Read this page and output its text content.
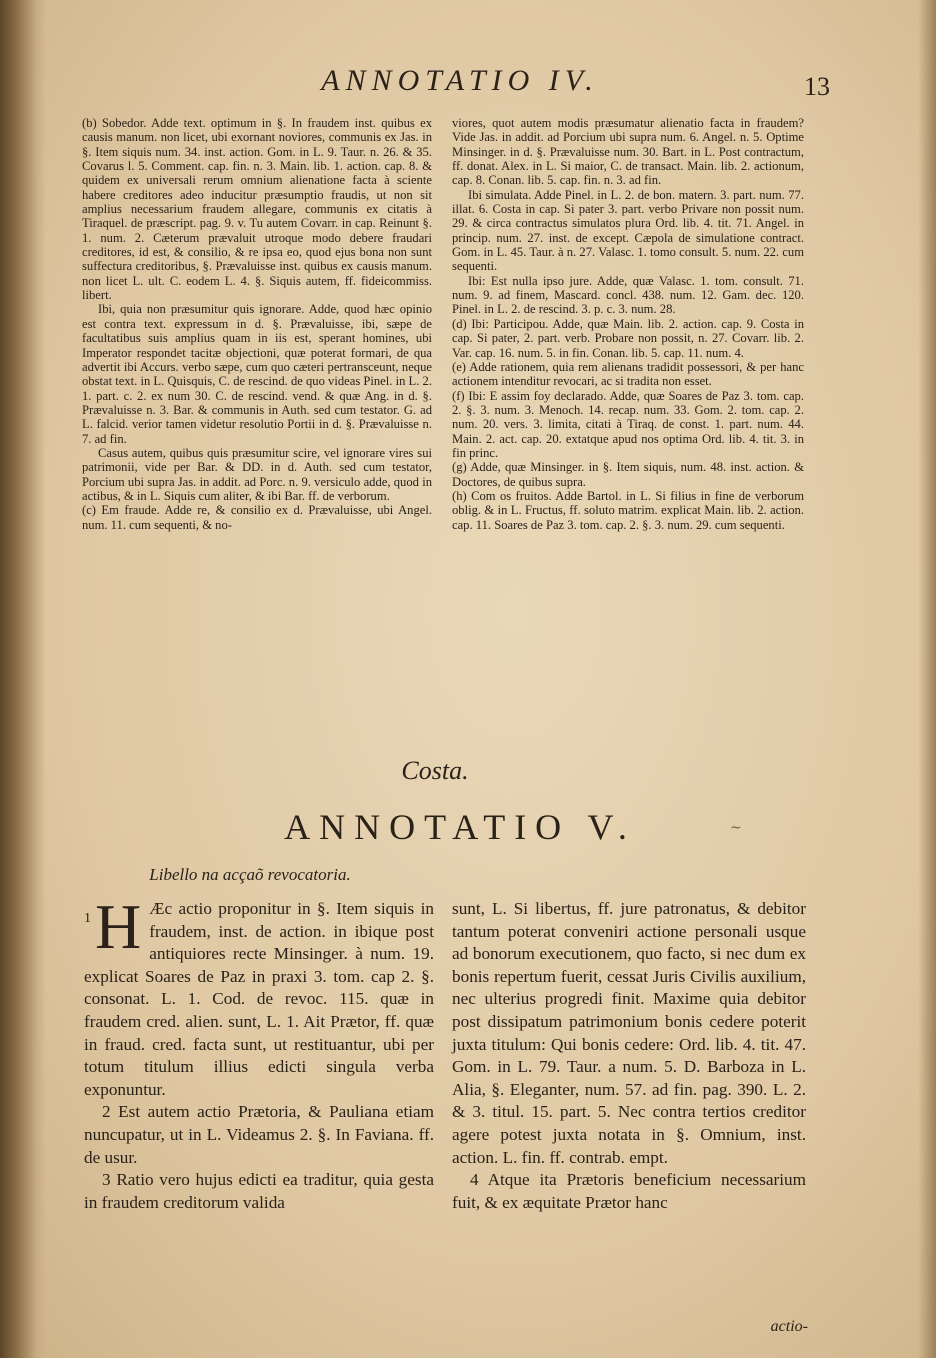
ANNOTATIO IV.	13

(b) Sobedor. Adde text. optimum in §. In fraudem inst. quibus ex causis manum. non licet, ubi exornant noviores, communis ex Jas. in §. Item siquis num. 34. inst. action. Gom. in L. 9. Taur. n. 26. & 35. Covarus l. 5. Comment. cap. fin. n. 3. Main. lib. 1. action. cap. 8. & quidem ex universali rerum omnium alienatione facta à sciente habere creditores adeo inducitur præsumptio fraudis, ut non sit amplius necessarium fraudem allegare, communis ex citatis à Tiraquel. de præscript. pag. 9. v. Tu autem Covarr. in cap. Reinunt §. 1. num. 2. Cæterum prævaluit utroque modo debere fraudari creditores, id est, & consilio, & re ipsa eo, quod ejus bona non sunt suffectura creditoribus, §. Prævaluisse inst. quibus ex causis manum. non licet L. ult. C. eodem L. 4. §. Siquis autem, ff. fideicommiss. libert.

Ibi, quia non præsumitur quis ignorare. Adde, quod hæc opinio est contra text. expressum in d. §. Prævaluisse, ibi, sæpe de facultatibus suis amplius quam in iis est, sperant homines, ubi Imperator respondet tacitæ objectioni, quæ poterat formari, de qua advertit ibi Accurs. verbo sæpe, cum quo cæteri pertransceunt, neque obstat text. in L. Quisquis, C. de rescind. de quo videas Pinel. in L. 2. 1. part. c. 2. ex num 30. C. de rescind. vend. & quæ Ang. in d. §. Prævaluisse n. 3. Bar. & communis in Auth. sed cum testator. G. ad L. falcid. verior tamen videtur resolutio Portii in d. §. Prævaluisse n. 7. ad fin.

Casus autem, quibus quis præsumitur scire, vel ignorare vires sui patrimonii, vide per Bar. & DD. in d. Auth. sed cum testator, Porcium ubi supra Jas. in addit. ad Porc. n. 9. versiculo adde, quod in actibus, & in L. Siquis cum aliter, & ibi Bar. ff. de verborum.

(c) Em fraude. Adde re, & consilio ex d. Prævaluisse, ubi Angel. num. 11. cum sequenti, & no-

viores, quot autem modis præsumatur alienatio facta in fraudem? Vide Jas. in addit. ad Porcium ubi supra num. 6. Angel. n. 5. Optime Minsinger. in d. §. Prævaluisse num. 30. Bart. in L. Post contractum, ff. donat. Alex. in L. Si maior, C. de transact. Main. lib. 2. actionum, cap. 8. Conan. lib. 5. cap. fin. n. 3. ad fin.

Ibi simulata. Adde Pinel. in L. 2. de bon. matern. 3. part. num. 77. illat. 6. Costa in cap. Si pater 3. part. verbo Privare non possit num. 29. & circa contractus simulatos plura Ord. lib. 4. tit. 71. Angel. in princip. num. 27. inst. de except. Cæpola de simulatione contract. Gom. in L. 45. Taur. à n. 27. Valasc. 1. tomo consult. 5. num. 22. cum sequenti.

Ibi: Est nulla ipso jure. Adde, quæ Valasc. 1. tom. consult. 71. num. 9. ad finem, Mascard. concl. 438. num. 12. Gam. dec. 120. Pinel. in L. 2. de rescind. 3. p. c. 3. num. 28.

(d) Ibi: Participou. Adde, quæ Main. lib. 2. action. cap. 9. Costa in cap. Si pater, 2. part. verb. Probare non possit, n. 27. Covarr. lib. 2. Var. cap. 16. num. 5. in fin. Conan. lib. 5. cap. 11. num. 4.

(e) Adde rationem, quia rem alienans tradidit possessori, & per hanc actionem intenditur revocari, ac si tradita non esset.

(f) Ibi: E assim foy declarado. Adde, quæ Soares de Paz 3. tom. cap. 2. §. 3. num. 3. Menoch. 14. recap. num. 33. Gom. 2. tom. cap. 2. num. 20. vers. 3. limita, citati à Tiraq. de const. 1. part. num. 44. Main. 2. act. cap. 20. extatque apud nos optima Ord. lib. 4. tit. 3. in fin princ.

(g) Adde, quæ Minsinger. in §. Item siquis, num. 48. inst. action. & Doctores, de quibus supra.

(h) Com os fruitos. Adde Bartol. in L. Si filius in fine de verborum oblig. & in L. Fructus, ff. soluto matrim. explicat Main. lib. 2. action. cap. 11. Soares de Paz 3. tom. cap. 2. §. 3. num. 29. cum sequenti.

Costa.
ANNOTATIO V.	~
Libello na acçaõ revocatoria.

1 H Æc actio proponitur in §. Item siquis in fraudem, inst. de action. in ibique post antiquiores recte Minsinger. à num. 19. explicat Soares de Paz in praxi 3. tom. cap 2. §. consonat. L. 1. Cod. de revoc. 115. quæ in fraudem cred. alien. sunt, L. 1. Ait Prætor, ff. quæ in fraud. cred. facta sunt, ut restituantur, ubi per totum titulum illius edicti singula verba exponuntur.

2 Est autem actio Prætoria, & Pauliana etiam nuncupatur, ut in L. Videamus 2. §. In Faviana. ff. de usur.

3 Ratio vero hujus edicti ea traditur, quia gesta in fraudem creditorum valida

sunt, L. Si libertus, ff. jure patronatus, & debitor tantum poterat conveniri actione personali usque ad bonorum executionem, quo facto, si nec dum ex bonis repertum fuerit, cessat Juris Civilis auxilium, nec ulterius progredi finit. Maxime quia debitor post dissipatum patrimonium bonis cedere poterit juxta titulum: Qui bonis cedere: Ord. lib. 4. tit. 47. Gom. in L. 79. Taur. a num. 5. D. Barboza in L. Alia, §. Eleganter, num. 57. ad fin. pag. 390. L. 2. & 3. titul. 15. part. 5. Nec contra tertios creditor agere potest juxta notata in §. Omnium, inst. action. L. fin. ff. contrab. empt.

4 Atque ita Prætoris beneficium necessarium fuit, & ex æquitate Prætor hanc

actio-
